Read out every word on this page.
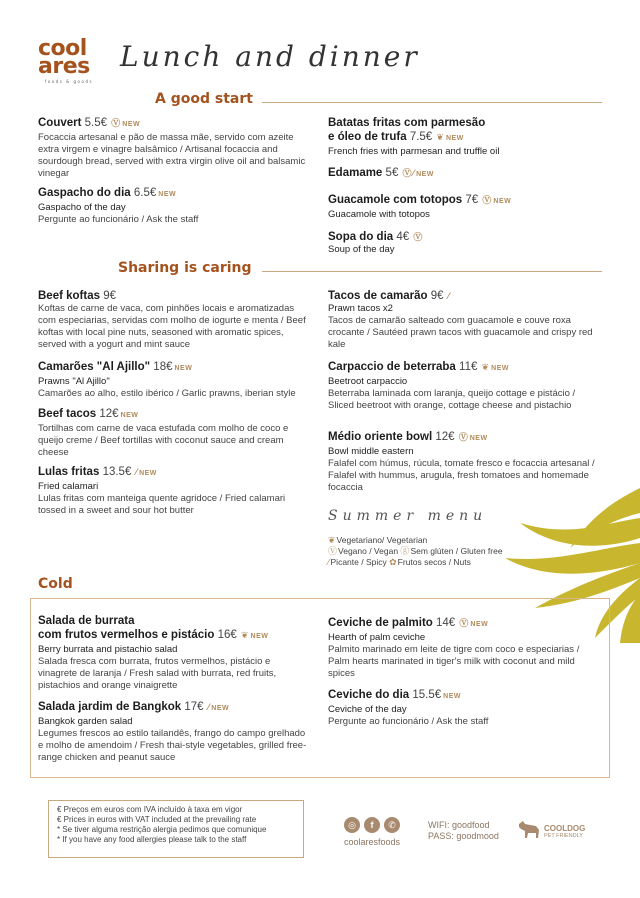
cool
ares
foods & goods
Lunch and dinner
A good start
Couvert 5.5€ Ⓥ NEW
Focaccia artesanal e pão de massa mãe, servido com azeite extra virgem e vinagre balsâmico / Artisanal focaccia and sourdough bread, served with extra virgin olive oil and balsamic vinegar
Gaspacho do dia 6.5€ NEW
Gaspacho of the day
Pergunte ao funcionário / Ask the staff
Batatas fritas com parmesão
e óleo de trufa 7.5€ ❦ NEW
French fries with parmesan and truffle oil
Edamame 5€ Ⓥ⁄ NEW
Guacamole com totopos 7€ Ⓥ NEW
Guacamole with totopos
Sopa do dia 4€ Ⓥ
Soup of the day
Sharing is caring
Beef koftas 9€
Koftas de carne de vaca, com pinhões locais e aromatizadas com especiarias, servidas com molho de iogurte e menta / Beef koftas with local pine nuts, seasoned with aromatic spices, served with a yogurt and mint sauce
Camarões "Al Ajillo" 18€ NEW
Prawns "Al Ajillo"
Camarões ao alho, estilo ibérico / Garlic prawns, iberian style
Beef tacos 12€ NEW
Tortilhas com carne de vaca estufada com molho de coco e queijo creme / Beef tortillas with coconut sauce and cream cheese
Lulas fritas 13.5€ ⁄ NEW
Fried calamari
Lulas fritas com manteiga quente agridoce / Fried calamari tossed in a sweet and sour hot butter
Tacos de camarão 9€ ⁄
Prawn tacos x2
Tacos de camarão salteado com guacamole e couve roxa crocante / Sautéed prawn tacos with guacamole and crispy red kale
Carpaccio de beterraba 11€ ❦ NEW
Beetroot carpaccio
Beterraba laminada com laranja, queijo cottage e pistácio / Sliced beetroot with orange, cottage cheese and pistachio
Médio oriente bowl 12€ Ⓥ NEW
Bowl middle eastern
Falafel com húmus, rúcula, tomate fresco e focaccia artesanal / Falafel with hummus, arugula, fresh tomatoes and homemade focaccia
Summer menu
❦Vegetariano/ Vegetarian
ⓋVegano / Vegan ⓖSem glúten / Gluten free
⁄Picante / Spicy ✿Frutos secos / Nuts
Cold
Salada de burrata
com frutos vermelhos e pistácio 16€ ❦ NEW
Berry burrata and pistachio salad
Salada fresca com burrata, frutos vermelhos, pistácio e vinagrete de laranja / Fresh salad with burrata, red fruits, pistachios and orange vinaigrette
Salada jardim de Bangkok 17€ ⁄ NEW
Bangkok garden salad
Legumes frescos ao estilo tailandês, frango do campo grelhado e molho de amendoim / Fresh thai-style vegetables, grilled free-range chicken and peanut sauce
Ceviche de palmito 14€ Ⓥ NEW
Hearth of palm ceviche
Palmito marinado em leite de tigre com coco e especiarias / Palm hearts marinated in tiger's milk with coconut and mild spices
Ceviche do dia 15.5€ NEW
Ceviche of the day
Pergunte ao funcionário / Ask the staff
€ Preços em euros com IVA incluído à taxa em vigor
€ Prices in euros with VAT included at the prevailing rate
* Se tiver alguma restrição alergia pedimos que comunique
* If you have any food allergies please talk to the staff
◎ f ✆
coolaresfoods
WIFI: goodfood
PASS: goodmood
COOLDOG
PET FRIENDLY
